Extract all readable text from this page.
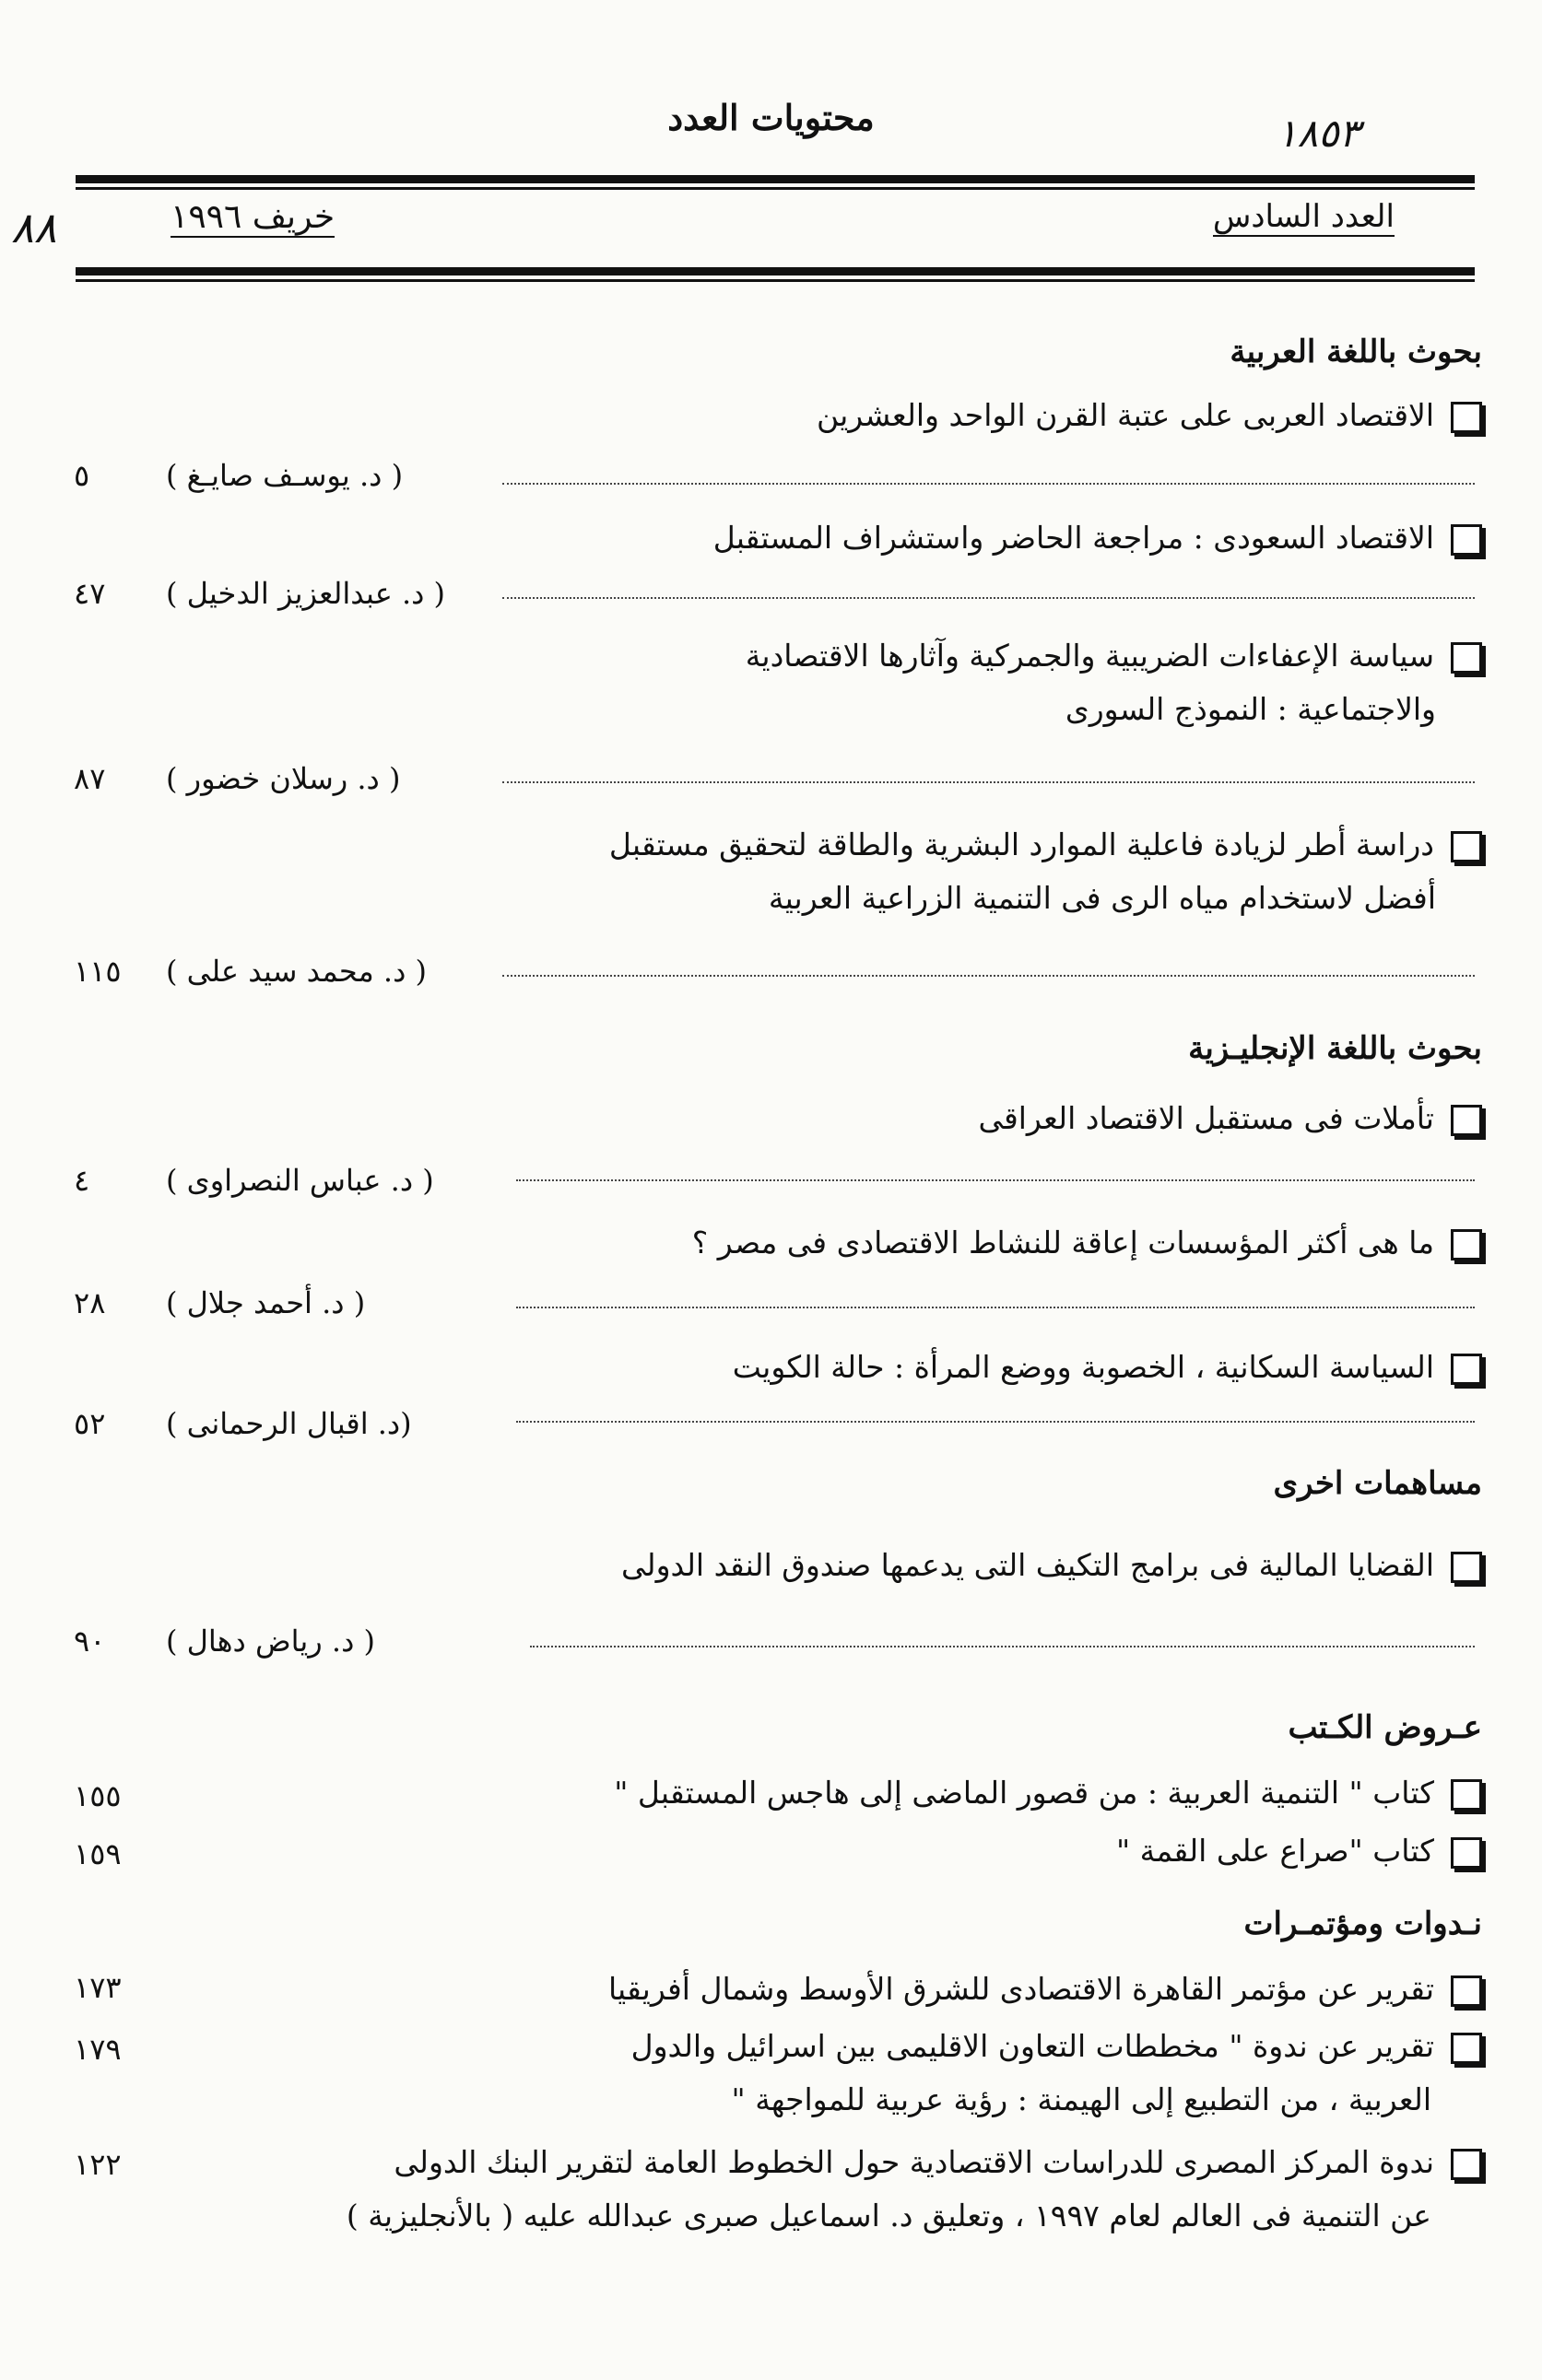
محتويات العدد	١٨٥٣
٨٨	العدد السادس
خريف ١٩٩٦
بحوث باللغة العربية
الاقتصاد العربى على عتبة القرن الواحد والعشرين
( د. يوسـف صايـغ )
٥
الاقتصاد السعودى : مراجعة الحاضر واستشراف المستقبل
( د. عبدالعزيز الدخيل )
٤٧
سياسة الإعفاءات الضريبية والجمركية وآثارها الاقتصادية
والاجتماعية : النموذج السورى
( د. رسلان خضور )
٨٧
دراسة أطر لزيادة فاعلية الموارد البشرية والطاقة لتحقيق مستقبل
أفضل لاستخدام مياه الرى فى التنمية الزراعية العربية
( د. محمد سيد على )
١١٥
بحوث باللغة الإنجليـزية
تأملات فى مستقبل الاقتصاد العراقى
( د. عباس النصراوى )
٤
ما هى أكثر المؤسسات إعاقة للنشاط الاقتصادى فى مصر ؟
( د. أحمد جلال )
٢٨
السياسة السكانية ، الخصوبة ووضع المرأة : حالة الكويت
(د. اقبال الرحمانى )
٥٢
مساهمات اخرى
القضايا المالية فى برامج التكيف التى يدعمها صندوق النقد الدولى
( د. رياض دهال )
٩٠
عـروض الكـتب
كتاب " التنمية العربية : من قصور الماضى إلى هاجس المستقبل "
١٥٥
كتاب "صراع على القمة "
١٥٩
نـدوات ومؤتمـرات
تقرير عن مؤتمر القاهرة الاقتصادى للشرق الأوسط وشمال أفريقيا
١٧٣
تقرير عن ندوة " مخططات التعاون الاقليمى بين اسرائيل والدول
العربية ، من التطبيع إلى الهيمنة : رؤية عربية للمواجهة "
١٧٩
ندوة المركز المصرى للدراسات الاقتصادية حول الخطوط العامة لتقرير البنك الدولى
عن التنمية فى العالم لعام ١٩٩٧ ، وتعليق د. اسماعيل صبرى عبدالله عليه ( بالأنجليزية )
١٢٢
